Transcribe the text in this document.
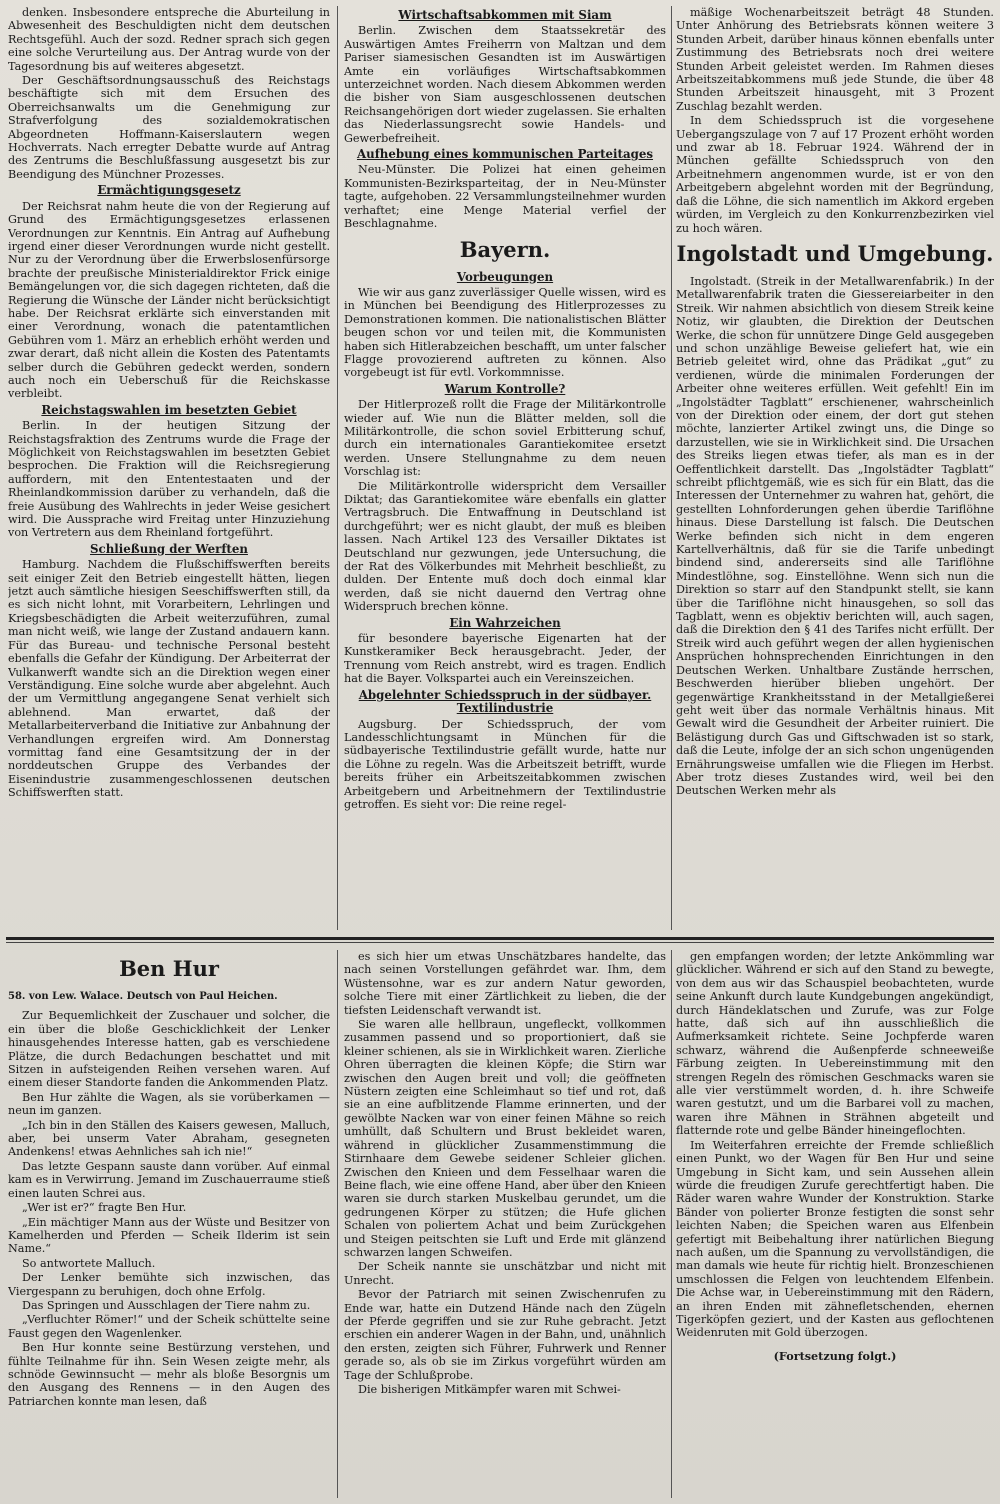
denken. Insbesondere entspreche die Aburteilung in Abwesenheit des Beschuldigten nicht dem deutschen Rechtsgefühl. Auch der sozd. Redner sprach sich gegen eine solche Verurteilung aus. Der Antrag wurde von der Tagesordnung bis auf weiteres abgesetzt.

Der Geschäftsordnungsausschuß des Reichstags beschäftigte sich mit dem Ersuchen des Oberreichsanwalts um die Genehmigung zur Strafverfolgung des sozialdemokratischen Abgeordneten Hoffmann-Kaiserslautern wegen Hochverrats. Nach erregter Debatte wurde auf Antrag des Zentrums die Beschlußfassung ausgesetzt bis zur Beendigung des Münchner Prozesses.

Ermächtigungsgesetz

Der Reichsrat nahm heute die von der Regierung auf Grund des Ermächtigungsgesetzes erlassenen Verordnungen zur Kenntnis. Ein Antrag auf Aufhebung irgend einer dieser Verordnungen wurde nicht gestellt. Nur zu der Verordnung über die Erwerbslosenfürsorge brachte der preußische Ministerialdirektor Frick einige Bemängelungen vor, die sich dagegen richteten, daß die Regierung die Wünsche der Länder nicht berücksichtigt habe. Der Reichsrat erklärte sich einverstanden mit einer Verordnung, wonach die patentamtlichen Gebühren vom 1. März an erheblich erhöht werden und zwar derart, daß nicht allein die Kosten des Patentamts selber durch die Gebühren gedeckt werden, sondern auch noch ein Ueberschuß für die Reichskasse verbleibt.

Reichstagswahlen im besetzten Gebiet

Berlin. In der heutigen Sitzung der Reichstagsfraktion des Zentrums wurde die Frage der Möglichkeit von Reichstagswahlen im besetzten Gebiet besprochen. Die Fraktion will die Reichsregierung auffordern, mit den Ententestaaten und der Rheinlandkommission darüber zu verhandeln, daß die freie Ausübung des Wahlrechts in jeder Weise gesichert wird. Die Aussprache wird Freitag unter Hinzuziehung von Vertretern aus dem Rheinland fortgeführt.

Schließung der Werften

Hamburg. Nachdem die Flußschiffswerften bereits seit einiger Zeit den Betrieb eingestellt hätten, liegen jetzt auch sämtliche hiesigen Seeschiffswerften still, da es sich nicht lohnt, mit Vorarbeitern, Lehrlingen und Kriegsbeschädigten die Arbeit weiterzuführen, zumal man nicht weiß, wie lange der Zustand andauern kann. Für das Bureau- und technische Personal besteht ebenfalls die Gefahr der Kündigung. Der Arbeiterrat der Vulkanwerft wandte sich an die Direktion wegen einer Verständigung. Eine solche wurde aber abgelehnt. Auch der um Vermittlung angegangene Senat verhielt sich ablehnend. Man erwartet, daß der Metallarbeiterverband die Initiative zur Anbahnung der Verhandlungen ergreifen wird. Am Donnerstag vormittag fand eine Gesamtsitzung der in der norddeutschen Gruppe des Verbandes der Eisenindustrie zusammengeschlossenen deutschen Schiffswerften statt.

Wirtschaftsabkommen mit Siam

Berlin. Zwischen dem Staatssekretär des Auswärtigen Amtes Freiherrn von Maltzan und dem Pariser siamesischen Gesandten ist im Auswärtigen Amte ein vorläufiges Wirtschaftsabkommen unterzeichnet worden. Nach diesem Abkommen werden die bisher von Siam ausgeschlossenen deutschen Reichsangehörigen dort wieder zugelassen. Sie erhalten das Niederlassungsrecht sowie Handels- und Gewerbefreiheit.

Aufhebung eines kommunischen Parteitages

Neu-Münster. Die Polizei hat einen geheimen Kommunisten-Bezirksparteitag, der in Neu-Münster tagte, aufgehoben. 22 Versammlungsteilnehmer wurden verhaftet; eine Menge Material verfiel der Beschlagnahme.

Bayern.
Vorbeugungen

Wie wir aus ganz zuverlässiger Quelle wissen, wird es in München bei Beendigung des Hitlerprozesses zu Demonstrationen kommen. Die nationalistischen Blätter beugen schon vor und teilen mit, die Kommunisten haben sich Hitlerabzeichen beschafft, um unter falscher Flagge provozierend auftreten zu können. Also vorgebeugt ist für evtl. Vorkommnisse.

Warum Kontrolle?

Der Hitlerprozeß rollt die Frage der Militärkontrolle wieder auf. Wie nun die Blätter melden, soll die Militärkontrolle, die schon soviel Erbitterung schuf, durch ein internationales Garantiekomitee ersetzt werden. Unsere Stellungnahme zu dem neuen Vorschlag ist:

Die Militärkontrolle widerspricht dem Versailler Diktat; das Garantiekomitee wäre ebenfalls ein glatter Vertragsbruch. Die Entwaffnung in Deutschland ist durchgeführt; wer es nicht glaubt, der muß es bleiben lassen. Nach Artikel 123 des Versailler Diktates ist Deutschland nur gezwungen, jede Untersuchung, die der Rat des Völkerbundes mit Mehrheit beschließt, zu dulden. Der Entente muß doch doch einmal klar werden, daß sie nicht dauernd den Vertrag ohne Widerspruch brechen könne.

Ein Wahrzeichen

für besondere bayerische Eigenarten hat der Kunstkeramiker Beck herausgebracht. Jeder, der Trennung vom Reich anstrebt, wird es tragen. Endlich hat die Bayer. Volkspartei auch ein Vereinszeichen.

Abgelehnter Schiedsspruch in der südbayer. Textilindustrie

Augsburg. Der Schiedsspruch, der vom Landesschlichtungsamt in München für die südbayerische Textilindustrie gefällt wurde, hatte nur die Löhne zu regeln. Was die Arbeitszeit betrifft, wurde bereits früher ein Arbeitszeitabkommen zwischen Arbeitgebern und Arbeitnehmern der Textilindustrie getroffen. Es sieht vor: Die reine regel-

mäßige Wochenarbeitszeit beträgt 48 Stunden. Unter Anhörung des Betriebsrats können weitere 3 Stunden Arbeit, darüber hinaus können ebenfalls unter Zustimmung des Betriebsrats noch drei weitere Stunden Arbeit geleistet werden. Im Rahmen dieses Arbeitszeitabkommens muß jede Stunde, die über 48 Stunden Arbeitszeit hinausgeht, mit 3 Prozent Zuschlag bezahlt werden.

In dem Schiedsspruch ist die vorgesehene Uebergangszulage von 7 auf 17 Prozent erhöht worden und zwar ab 18. Februar 1924. Während der in München gefällte Schiedsspruch von den Arbeitnehmern angenommen wurde, ist er von den Arbeitgebern abgelehnt worden mit der Begründung, daß die Löhne, die sich namentlich im Akkord ergeben würden, im Vergleich zu den Konkurrenzbezirken viel zu hoch wären.

Ingolstadt und Umgebung.

Ingolstadt. (Streik in der Metallwarenfabrik.) In der Metallwarenfabrik traten die Giessereiarbeiter in den Streik. Wir nahmen absichtlich von diesem Streik keine Notiz, wir glaubten, die Direktion der Deutschen Werke, die schon für unnützere Dinge Geld ausgegeben und schon unzählige Beweise geliefert hat, wie ein Betrieb geleitet wird, ohne das Prädikat „gut“ zu verdienen, würde die minimalen Forderungen der Arbeiter ohne weiteres erfüllen. Weit gefehlt! Ein im „Ingolstädter Tagblatt“ erschienener, wahrscheinlich von der Direktion oder einem, der dort gut stehen möchte, lanzierter Artikel zwingt uns, die Dinge so darzustellen, wie sie in Wirklichkeit sind. Die Ursachen des Streiks liegen etwas tiefer, als man es in der Oeffentlichkeit darstellt. Das „Ingolstädter Tagblatt“ schreibt pflichtgemäß, wie es sich für ein Blatt, das die Interessen der Unternehmer zu wahren hat, gehört, die gestellten Lohnforderungen gehen überdie Tariflöhne hinaus. Diese Darstellung ist falsch. Die Deutschen Werke befinden sich nicht in dem engeren Kartellverhältnis, daß für sie die Tarife unbedingt bindend sind, andererseits sind alle Tariflöhne Mindestlöhne, sog. Einstellöhne. Wenn sich nun die Direktion so starr auf den Standpunkt stellt, sie kann über die Tariflöhne nicht hinausgehen, so soll das Tagblatt, wenn es objektiv berichten will, auch sagen, daß die Direktion den § 41 des Tarifes nicht erfüllt. Der Streik wird auch geführt wegen der allen hygienischen Ansprüchen hohnsprechenden Einrichtungen in den Deutschen Werken. Unhaltbare Zustände herrschen, Beschwerden hierüber blieben ungehört. Der gegenwärtige Krankheitsstand in der Metallgießerei geht weit über das normale Verhältnis hinaus. Mit Gewalt wird die Gesundheit der Arbeiter ruiniert. Die Belästigung durch Gas und Giftschwaden ist so stark, daß die Leute, infolge der an sich schon ungenügenden Ernährungsweise umfallen wie die Fliegen im Herbst. Aber trotz dieses Zustandes wird, weil bei den Deutschen Werken mehr als

Ben Hur

58. von Lew. Walace. Deutsch von Paul Heichen.

Zur Bequemlichkeit der Zuschauer und solcher, die ein über die bloße Geschicklichkeit der Lenker hinausgehendes Interesse hatten, gab es verschiedene Plätze, die durch Bedachungen beschattet und mit Sitzen in aufsteigenden Reihen versehen waren. Auf einem dieser Standorte fanden die Ankommenden Platz.

Ben Hur zählte die Wagen, als sie vorüberkamen — neun im ganzen.

„Ich bin in den Ställen des Kaisers gewesen, Malluch, aber, bei unserm Vater Abraham, gesegneten Andenkens! etwas Aehnliches sah ich nie!“

Das letzte Gespann sauste dann vorüber. Auf einmal kam es in Verwirrung. Jemand im Zuschauerraume stieß einen lauten Schrei aus.

„Wer ist er?“ fragte Ben Hur.

„Ein mächtiger Mann aus der Wüste und Besitzer von Kamelherden und Pferden — Scheik Ilderim ist sein Name.“

So antwortete Malluch.

Der Lenker bemühte sich inzwischen, das Viergespann zu beruhigen, doch ohne Erfolg.

Das Springen und Ausschlagen der Tiere nahm zu.

„Verfluchter Römer!“ und der Scheik schüttelte seine Faust gegen den Wagenlenker.

Ben Hur konnte seine Bestürzung verstehen, und fühlte Teilnahme für ihn. Sein Wesen zeigte mehr, als schnöde Gewinnsucht — mehr als bloße Besorgnis um den Ausgang des Rennens — in den Augen des Patriarchen konnte man lesen, daß

es sich hier um etwas Unschätzbares handelte, das nach seinen Vorstellungen gefährdet war. Ihm, dem Wüstensohne, war es zur andern Natur geworden, solche Tiere mit einer Zärtlichkeit zu lieben, die der tiefsten Leidenschaft verwandt ist.

Sie waren alle hellbraun, ungefleckt, vollkommen zusammen passend und so proportioniert, daß sie kleiner schienen, als sie in Wirklichkeit waren. Zierliche Ohren überragten die kleinen Köpfe; die Stirn war zwischen den Augen breit und voll; die geöffneten Nüstern zeigten eine Schleimhaut so tief und rot, daß sie an eine aufblitzende Flamme erinnerten, und der gewölbte Nacken war von einer feinen Mähne so reich umhüllt, daß Schultern und Brust bekleidet waren, während in glücklicher Zusammenstimmung die Stirnhaare dem Gewebe seidener Schleier glichen. Zwischen den Knieen und dem Fesselhaar waren die Beine flach, wie eine offene Hand, aber über den Knieen waren sie durch starken Muskelbau gerundet, um die gedrungenen Körper zu stützen; die Hufe glichen Schalen von poliertem Achat und beim Zurückgehen und Steigen peitschten sie Luft und Erde mit glänzend schwarzen langen Schweifen.

Der Scheik nannte sie unschätzbar und nicht mit Unrecht.

Bevor der Patriarch mit seinen Zwischenrufen zu Ende war, hatte ein Dutzend Hände nach den Zügeln der Pferde gegriffen und sie zur Ruhe gebracht. Jetzt erschien ein anderer Wagen in der Bahn, und, unähnlich den ersten, zeigten sich Führer, Fuhrwerk und Renner gerade so, als ob sie im Zirkus vorgeführt würden am Tage der Schlußprobe.

Die bisherigen Mitkämpfer waren mit Schwei-

gen empfangen worden; der letzte Ankömmling war glücklicher. Während er sich auf den Stand zu bewegte, von dem aus wir das Schauspiel beobachteten, wurde seine Ankunft durch laute Kundgebungen angekündigt, durch Händeklatschen und Zurufe, was zur Folge hatte, daß sich auf ihn ausschließlich die Aufmerksamkeit richtete. Seine Jochpferde waren schwarz, während die Außenpferde schneeweiße Färbung zeigten. In Uebereinstimmung mit den strengen Regeln des römischen Geschmacks waren sie alle vier verstümmelt worden, d. h. ihre Schweife waren gestutzt, und um die Barbarei voll zu machen, waren ihre Mähnen in Strähnen abgeteilt und flatternde rote und gelbe Bänder hineingeflochten.

Im Weiterfahren erreichte der Fremde schließlich einen Punkt, wo der Wagen für Ben Hur und seine Umgebung in Sicht kam, und sein Aussehen allein würde die freudigen Zurufe gerechtfertigt haben. Die Räder waren wahre Wunder der Konstruktion. Starke Bänder von polierter Bronze festigten die sonst sehr leichten Naben; die Speichen waren aus Elfenbein gefertigt mit Beibehaltung ihrer natürlichen Biegung nach außen, um die Spannung zu vervollständigen, die man damals wie heute für richtig hielt. Bronzeschienen umschlossen die Felgen von leuchtendem Elfenbein. Die Achse war, in Uebereinstimmung mit den Rädern, an ihren Enden mit zähnefletschenden, ehernen Tigerköpfen geziert, und der Kasten aus geflochtenen Weidenruten mit Gold überzogen.

(Fortsetzung folgt.)
